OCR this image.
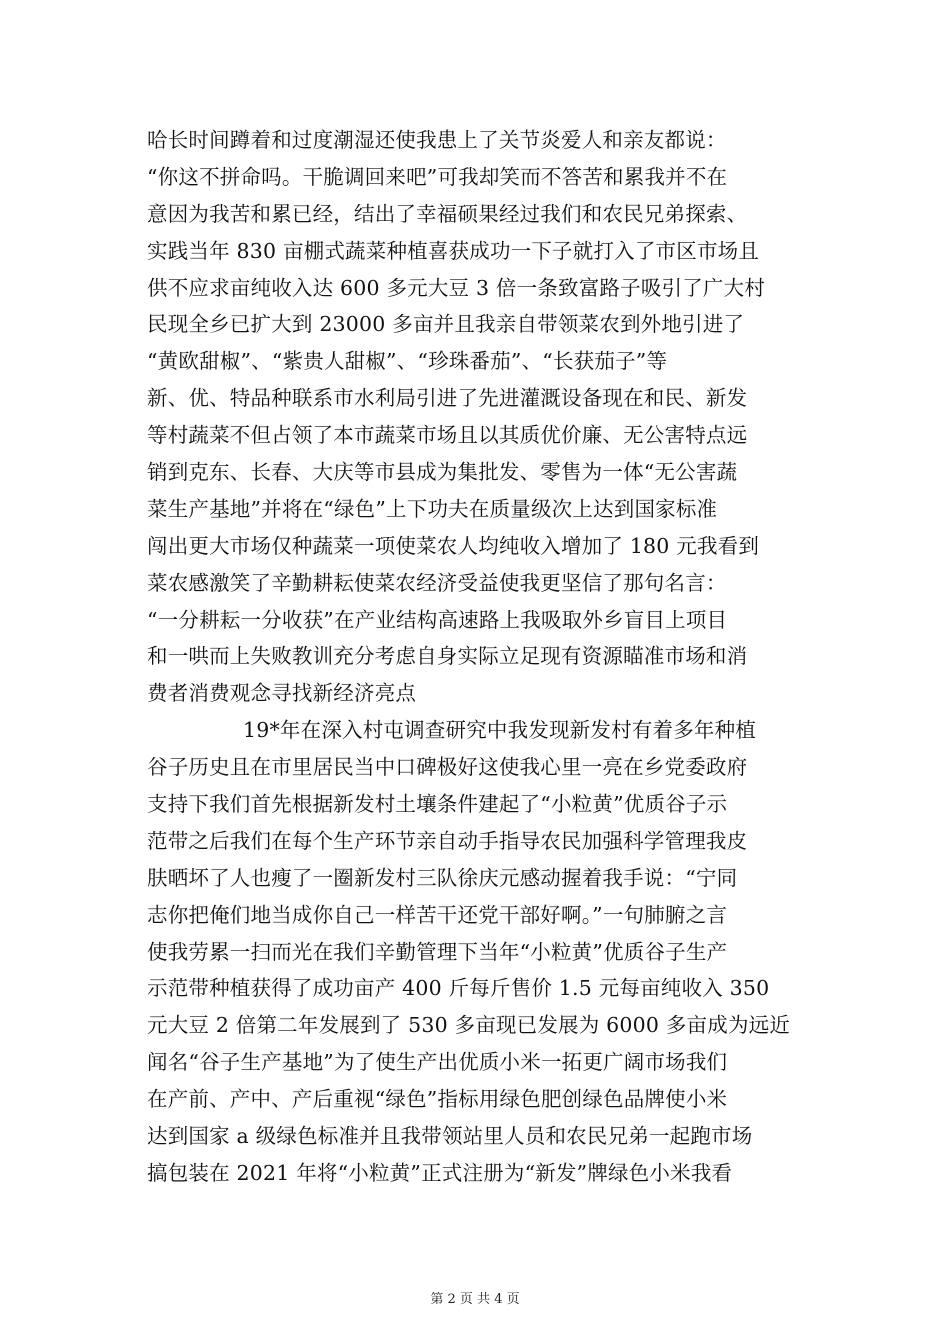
哈长时间蹲着和过度潮湿还使我患上了关节炎爱人和亲友都说：
“你这不拼命吗。干脆调回来吧”可我却笑而不答苦和累我并不在
意因为我苦和累已经，结出了幸福硕果经过我们和农民兄弟探索、
实践当年 830 亩棚式蔬菜种植喜获成功一下子就打入了市区市场且
供不应求亩纯收入达 600 多元大豆 3 倍一条致富路子吸引了广大村
民现全乡已扩大到 23000 多亩并且我亲自带领菜农到外地引进了
“黄欧甜椒”、“紫贵人甜椒”、“珍珠番茄”、“长获茄子”等
新、优、特品种联系市水利局引进了先进灌溉设备现在和民、新发
等村蔬菜不但占领了本市蔬菜市场且以其质优价廉、无公害特点远
销到克东、长春、大庆等市县成为集批发、零售为一体“无公害蔬
菜生产基地”并将在“绿色”上下功夫在质量级次上达到国家标准
闯出更大市场仅种蔬菜一项使菜农人均纯收入增加了 180 元我看到
菜农感激笑了辛勤耕耘使菜农经济受益使我更坚信了那句名言：
“一分耕耘一分收获”在产业结构高速路上我吸取外乡盲目上项目
和一哄而上失败教训充分考虑自身实际立足现有资源瞄准市场和消
费者消费观念寻找新经济亮点
19*年在深入村屯调查研究中我发现新发村有着多年种植
谷子历史且在市里居民当中口碑极好这使我心里一亮在乡党委政府
支持下我们首先根据新发村土壤条件建起了“小粒黄”优质谷子示
范带之后我们在每个生产环节亲自动手指导农民加强科学管理我皮
肤晒坏了人也瘦了一圈新发村三队徐庆元感动握着我手说：“宁同
志你把俺们地当成你自己一样苦干还党干部好啊。”一句肺腑之言
使我劳累一扫而光在我们辛勤管理下当年“小粒黄”优质谷子生产
示范带种植获得了成功亩产 400 斤每斤售价 1.5 元每亩纯收入 350
元大豆 2 倍第二年发展到了 530 多亩现已发展为 6000 多亩成为远近
闻名“谷子生产基地”为了使生产出优质小米一拓更广阔市场我们
在产前、产中、产后重视“绿色”指标用绿色肥创绿色品牌使小米
达到国家 a 级绿色标准并且我带领站里人员和农民兄弟一起跑市场
搞包装在 2021 年将“小粒黄”正式注册为“新发”牌绿色小米我看
第 2 页 共 4 页
